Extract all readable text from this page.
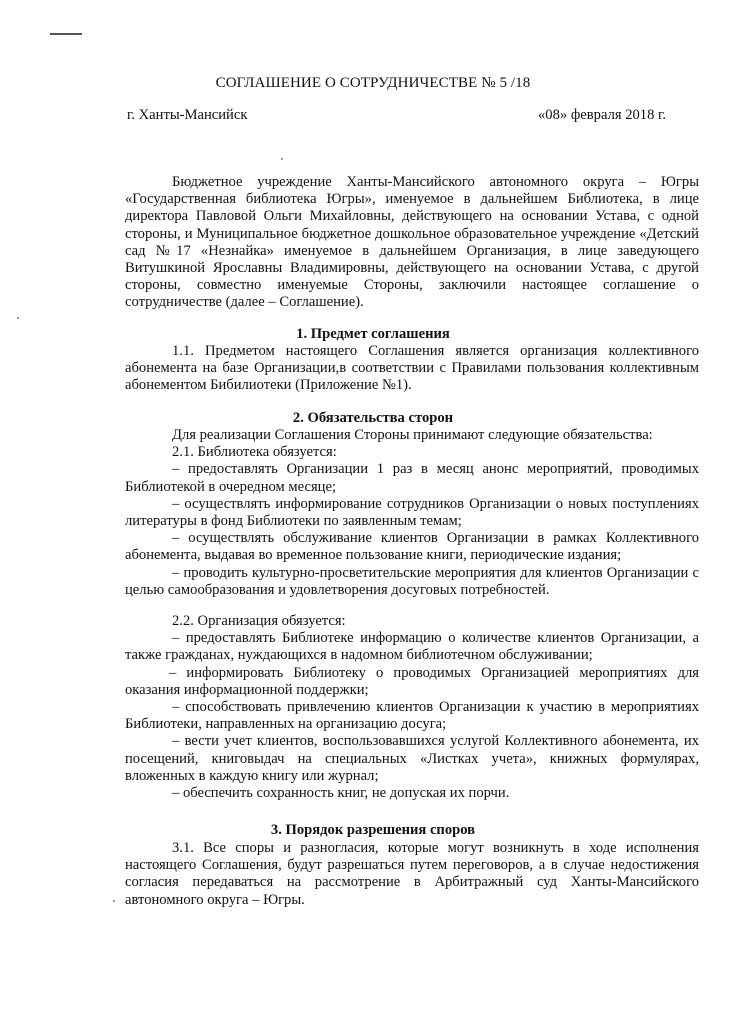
СОГЛАШЕНИЕ О СОТРУДНИЧЕСТВЕ № 5 /18
г. Ханты-Мансийск	«08» февраля 2018 г.

Бюджетное учреждение Ханты-Мансийского автономного округа – Югры «Государственная библиотека Югры», именуемое в дальнейшем Библиотека, в лице директора Павловой Ольги Михайловны, действующего на основании Устава, с одной стороны, и Муниципальное бюджетное дошкольное образовательное учреждение «Детский сад №17 «Незнайка» именуемое в дальнейшем Организация, в лице заведующего Витушкиной Ярославны Владимировны, действующего на основании Устава, с другой стороны, совместно именуемые Стороны, заключили настоящее соглашение о сотрудничестве (далее – Соглашение).

1. Предмет соглашения

1.1. Предметом настоящего Соглашения является организация коллективного абонемента на базе Организации,в соответствии с Правилами пользования коллективным абонементом Бибилиотеки (Приложение №1).

2. Обязательства сторон

Для реализации Соглашения Стороны принимают следующие обязательства:

2.1. Библиотека обязуется:

– предоставлять Организации 1 раз в месяц анонс мероприятий, проводимых Библиотекой в очередном месяце;

– осуществлять информирование сотрудников Организации о новых поступлениях литературы в фонд Библиотеки по заявленным темам;

– осуществлять обслуживание клиентов Организации в рамках Коллективного абонемента, выдавая во временное пользование книги, периодические издания;

– проводить культурно-просветительские мероприятия для клиентов Организации с целью самообразования и удовлетворения досуговых потребностей.

2.2. Организация обязуется:

– предоставлять Библиотеке информацию о количестве клиентов Организации, а также гражданах, нуждающихся в надомном библиотечном обслуживании;

– информировать Библиотеку о проводимых Организацией мероприятиях для оказания информационной поддержки;

– способствовать привлечению клиентов Организации к участию в мероприятиях Библиотеки, направленных на организацию досуга;

– вести учет клиентов, воспользовавшихся услугой Коллективного абонемента, их посещений, книговыдач на специальных «Листках учета», книжных формулярах, вложенных в каждую книгу или журнал;

– обеспечить сохранность книг, не допуская их порчи.

3. Порядок разрешения споров

3.1. Все споры и разногласия, которые могут возникнуть в ходе исполнения настоящего Соглашения, будут разрешаться путем переговоров, а в случае недостижения согласия передаваться на рассмотрение в Арбитражный суд Ханты-Мансийского автономного округа – Югры.
